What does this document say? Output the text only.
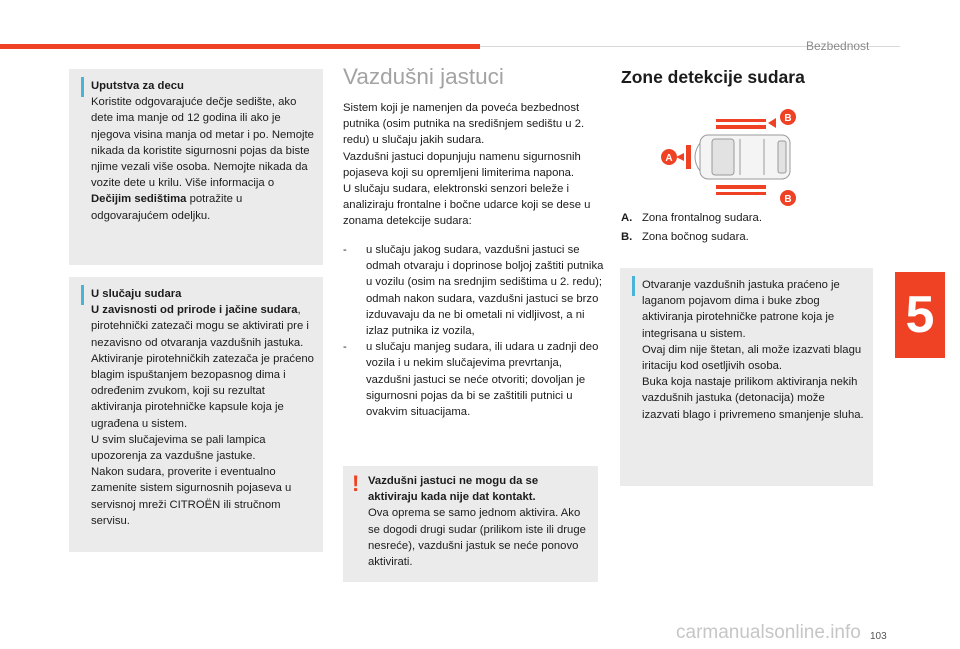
Bezbednost
5
Uputstva za decu
Koristite odgovarajuće dečje sedište, ako dete ima manje od 12 godina ili ako je njegova visina manja od metar i po. Nemojte nikada da koristite sigurnosni pojas da biste njime vezali više osoba. Nemojte nikada da vozite dete u krilu. Više informacija o Dečijim sedištima potražite u odgovarajućem odeljku.
U slučaju sudara
U zavisnosti od prirode i jačine sudara, pirotehnički zatezači mogu se aktivirati pre i nezavisno od otvaranja vazdušnih jastuka. Aktiviranje pirotehničkih zatezača je praćeno blagim ispuštanjem bezopasnog dima i određenim zvukom, koji su rezultat aktiviranja pirotehničke kapsule koja je ugrađena u sistem.
U svim slučajevima se pali lampica upozorenja za vazdušne jastuke.
Nakon sudara, proverite i eventualno zamenite sistem sigurnosnih pojaseva u servisnoj mreži CITROËN ili stručnom servisu.
Vazdušni jastuci
Sistem koji je namenjen da poveća bezbednost putnika (osim putnika na središnjem sedištu u 2. redu) u slučaju jakih sudara.
Vazdušni jastuci dopunjuju namenu sigurnosnih pojaseva koji su opremljeni limiterima napona.
U slučaju sudara, elektronski senzori beleže i analiziraju frontalne i bočne udarce koji se dese u zonama detekcije sudara:
- u slučaju jakog sudara, vazdušni jastuci se odmah otvaraju i doprinose boljoj zaštiti putnika u vozilu (osim na srednjim sedištima u 2. redu); odmah nakon sudara, vazdušni jastuci se brzo izduvavaju da ne bi ometali ni vidljivost, a ni izlaz putnika iz vozila,
- u slučaju manjeg sudara, ili udara u zadnji deo vozila i u nekim slučajevima prevrtanja, vazdušni jastuci se neće otvoriti; dovoljan je sigurnosni pojas da bi se zaštitili putnici u ovakvim situacijama.
! Vazdušni jastuci ne mogu da se aktiviraju kada nije dat kontakt.
Ova oprema se samo jednom aktivira. Ako se dogodi drugi sudar (prilikom iste ili druge nesreće), vazdušni jastuk se neće ponovo aktivirati.
Zone detekcije sudara
A
B
B
A. Zona frontalnog sudara.
B. Zona bočnog sudara.
Otvaranje vazdušnih jastuka praćeno je laganom pojavom dima i buke zbog aktiviranja pirotehničke patrone koja je integrisana u sistem.
Ovaj dim nije štetan, ali može izazvati blagu iritaciju kod osetljivih osoba.
Buka koja nastaje prilikom aktiviranja nekih vazdušnih jastuka (detonacija) može izazvati blago i privremeno smanjenje sluha.
carmanualsonline.info 103
